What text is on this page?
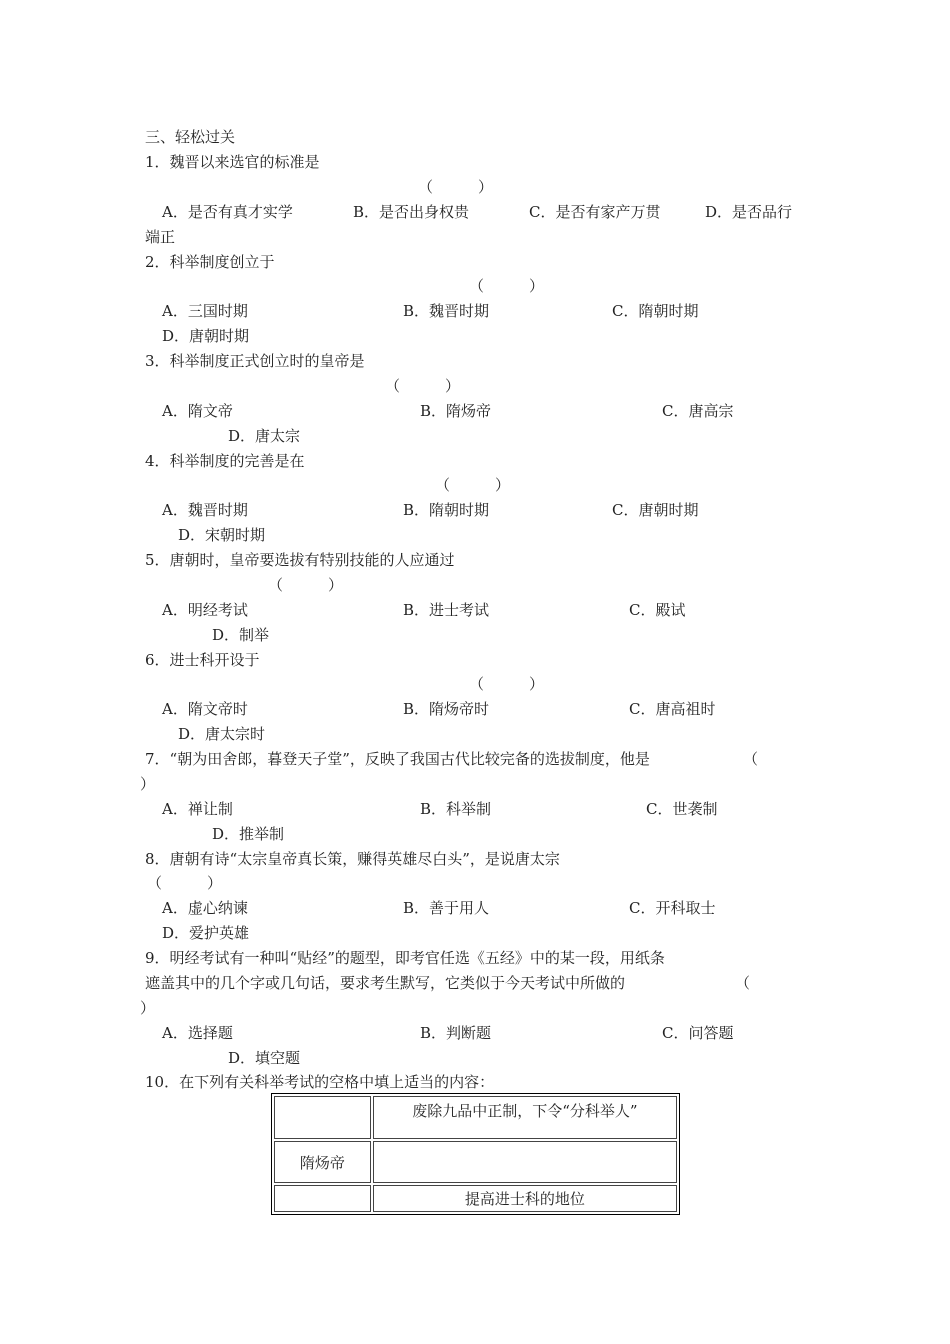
三、轻松过关
1．魏晋以来选官的标准是
（　　　）
A．是否有真才实学	B．是否出身权贵	C．是否有家产万贯	D．是否品行
端正
2．科举制度创立于
（　　　）
A．三国时期	B．魏晋时期	C．隋朝时期
D．唐朝时期
3．科举制度正式创立时的皇帝是
（　　　）
A．隋文帝	B．隋炀帝	C．唐高宗
D．唐太宗
4．科举制度的完善是在
（　　　）
A．魏晋时期	B．隋朝时期	C．唐朝时期
D．宋朝时期
5．唐朝时，皇帝要选拔有特别技能的人应通过
（　　　）
A．明经考试	B．进士考试	C．殿试
D．制举
6．进士科开设于
（　　　）
A．隋文帝时	B．隋炀帝时	C．唐高祖时
D．唐太宗时
7．“朝为田舍郎，暮登天子堂”，反映了我国古代比较完备的选拔制度，他是	（
）
A．禅让制	B．科举制	C．世袭制
D．推举制
8．唐朝有诗“太宗皇帝真长策，赚得英雄尽白头”，是说唐太宗
（　　　）
A．虚心纳谏	B．善于用人	C．开科取士
D．爱护英雄
9．明经考试有一种叫“贴经”的题型，即考官任选《五经》中的某一段，用纸条
遮盖其中的几个字或几句话，要求考生默写，它类似于今天考试中所做的	（
）
A．选择题	B．判断题	C．问答题
D．填空题
10．在下列有关科举考试的空格中填上适当的内容：
	废除九品中正制，下令“分科举人”
隋炀帝	
	提高进士科的地位
